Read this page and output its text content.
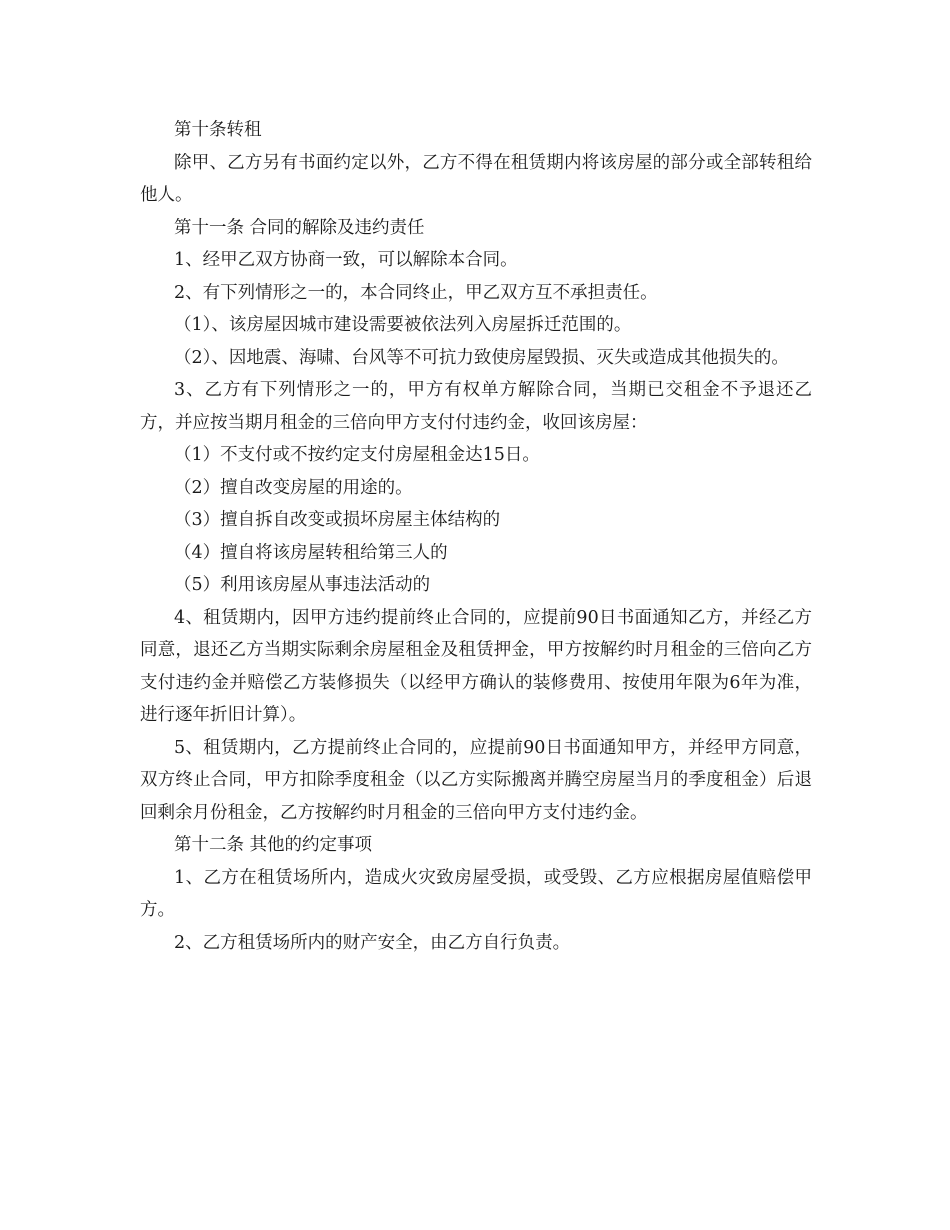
第十条转租

除甲、乙方另有书面约定以外，乙方不得在租赁期内将该房屋的部分或全部转租给他人。

第十一条 合同的解除及违约责任

1、经甲乙双方协商一致，可以解除本合同。

2、有下列情形之一的，本合同终止，甲乙双方互不承担责任。

（1）、该房屋因城市建设需要被依法列入房屋拆迁范围的。

（2）、因地震、海啸、台风等不可抗力致使房屋毁损、灭失或造成其他损失的。

3、乙方有下列情形之一的，甲方有权单方解除合同，当期已交租金不予退还乙方，并应按当期月租金的三倍向甲方支付付违约金，收回该房屋：

（1）不支付或不按约定支付房屋租金达15日。

（2）擅自改变房屋的用途的。

（3）擅自拆自改变或损坏房屋主体结构的

（4）擅自将该房屋转租给第三人的

（5）利用该房屋从事违法活动的

4、租赁期内，因甲方违约提前终止合同的，应提前90日书面通知乙方，并经乙方同意，退还乙方当期实际剩余房屋租金及租赁押金，甲方按解约时月租金的三倍向乙方支付违约金并赔偿乙方装修损失（以经甲方确认的装修费用、按使用年限为6年为准，进行逐年折旧计算）。

5、租赁期内，乙方提前终止合同的，应提前90日书面通知甲方，并经甲方同意，双方终止合同，甲方扣除季度租金（以乙方实际搬离并腾空房屋当月的季度租金）后退回剩余月份租金，乙方按解约时月租金的三倍向甲方支付违约金。

第十二条 其他的约定事项

1、乙方在租赁场所内，造成火灾致房屋受损，或受毁、乙方应根据房屋值赔偿甲方。

2、乙方租赁场所内的财产安全，由乙方自行负责。
